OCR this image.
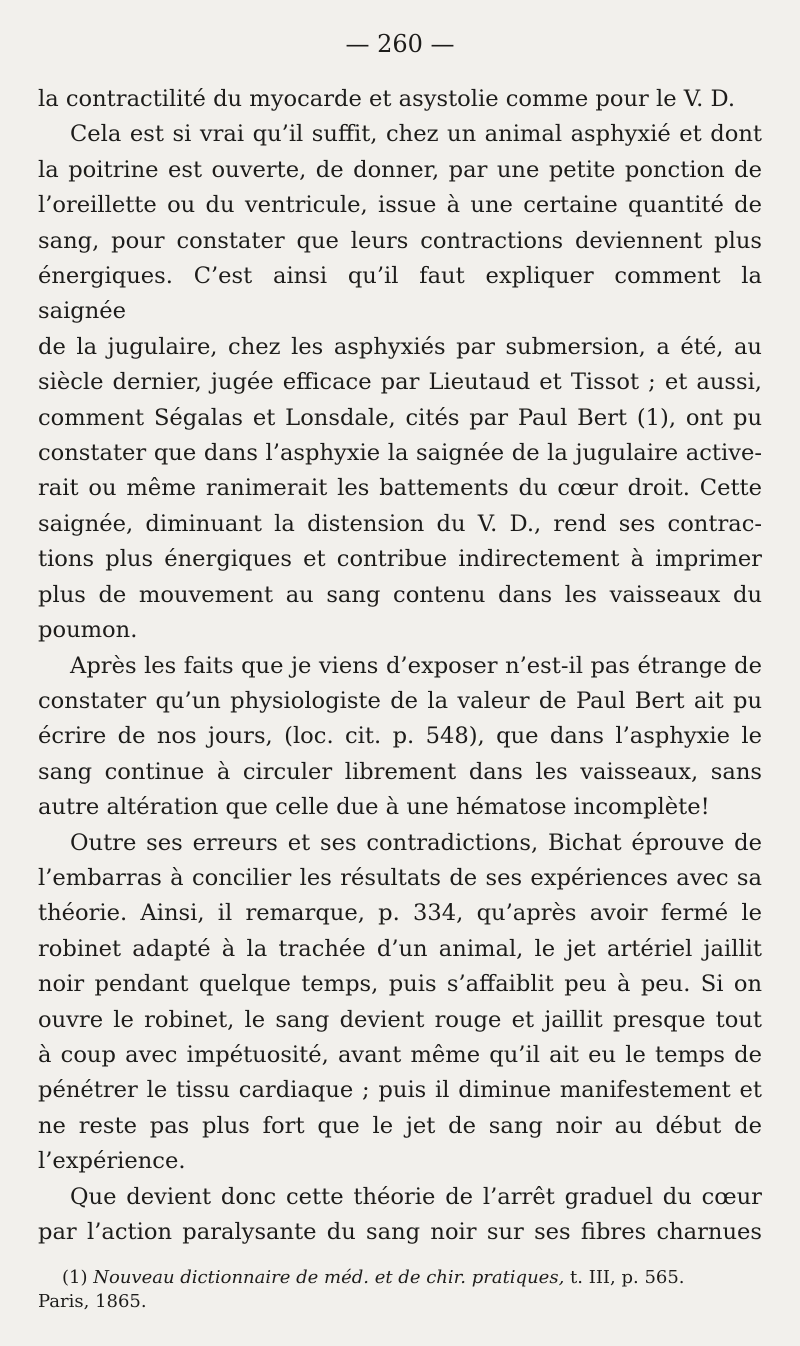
— 260 —
la contractilité du myocarde et asystolie comme pour le V. D.
Cela est si vrai qu’il suffit, chez un animal asphyxié et dont
la poitrine est ouverte, de donner, par une petite ponction de
l’oreillette ou du ventricule, issue à une certaine quantité de
sang, pour constater que leurs contractions deviennent plus
énergiques. C’est ainsi qu’il faut expliquer comment la saignée
de la jugulaire, chez les asphyxiés par submersion, a été, au
siècle dernier, jugée efficace par Lieutaud et Tissot ; et aussi,
comment Ségalas et Lonsdale, cités par Paul Bert (1), ont pu
constater que dans l’asphyxie la saignée de la jugulaire active-
rait ou même ranimerait les battements du cœur droit. Cette
saignée, diminuant la distension du V. D., rend ses contrac-
tions plus énergiques et contribue indirectement à imprimer
plus de mouvement au sang contenu dans les vaisseaux du
poumon.
Après les faits que je viens d’exposer n’est-il pas étrange de
constater qu’un physiologiste de la valeur de Paul Bert ait pu
écrire de nos jours, (loc. cit. p. 548), que dans l’asphyxie le
sang continue à circuler librement dans les vaisseaux, sans
autre altération que celle due à une hématose incomplète!
Outre ses erreurs et ses contradictions, Bichat éprouve de
l’embarras à concilier les résultats de ses expériences avec sa
théorie. Ainsi, il remarque, p. 334, qu’après avoir fermé le
robinet adapté à la trachée d’un animal, le jet artériel jaillit
noir pendant quelque temps, puis s’affaiblit peu à peu. Si on
ouvre le robinet, le sang devient rouge et jaillit presque tout
à coup avec impétuosité, avant même qu’il ait eu le temps de
pénétrer le tissu cardiaque ; puis il diminue manifestement et
ne reste pas plus fort que le jet de sang noir au début de
l’expérience.
Que devient donc cette théorie de l’arrêt graduel du cœur
par l’action paralysante du sang noir sur ses fibres charnues
(1) Nouveau dictionnaire de méd. et de chir. pratiques, t. III, p. 565.
Paris, 1865.
